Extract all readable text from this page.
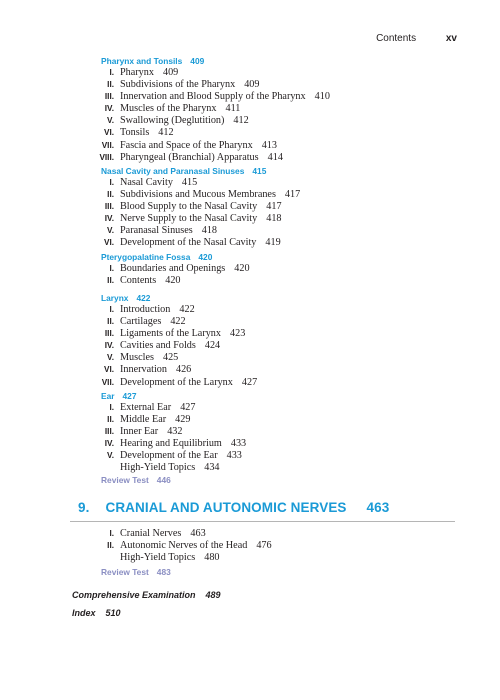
Contents	xv
Pharynx and Tonsils 409
I. Pharynx 409
II. Subdivisions of the Pharynx 409
III. Innervation and Blood Supply of the Pharynx 410
IV. Muscles of the Pharynx 411
V. Swallowing (Deglutition) 412
VI. Tonsils 412
VII. Fascia and Space of the Pharynx 413
VIII. Pharyngeal (Branchial) Apparatus 414
Nasal Cavity and Paranasal Sinuses 415
I. Nasal Cavity 415
II. Subdivisions and Mucous Membranes 417
III. Blood Supply to the Nasal Cavity 417
IV. Nerve Supply to the Nasal Cavity 418
V. Paranasal Sinuses 418
VI. Development of the Nasal Cavity 419
Pterygopalatine Fossa 420
I. Boundaries and Openings 420
II. Contents 420
Larynx 422
I. Introduction 422
II. Cartilages 422
III. Ligaments of the Larynx 423
IV. Cavities and Folds 424
V. Muscles 425
VI. Innervation 426
VII. Development of the Larynx 427
Ear 427
I. External Ear 427
II. Middle Ear 429
III. Inner Ear 432
IV. Hearing and Equilibrium 433
V. Development of the Ear 433
High-Yield Topics 434
Review Test 446
9. CRANIAL AND AUTONOMIC NERVES 463
I. Cranial Nerves 463
II. Autonomic Nerves of the Head 476
High-Yield Topics 480
Review Test 483
Comprehensive Examination 489
Index 510
